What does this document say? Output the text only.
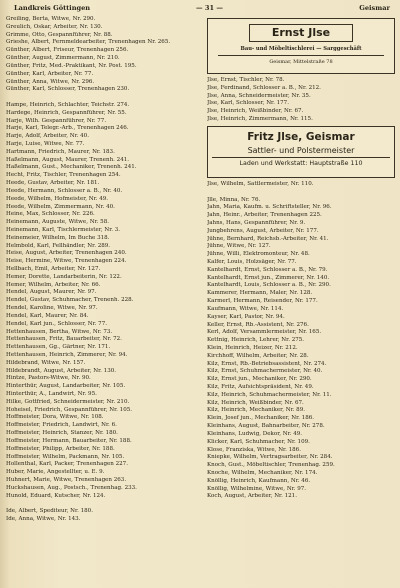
Landkreis Göttingen	— 31 —	Geismar
Greiling, Berta, Witwe, Nr. 290.
Greulich, Oskar, Arbeiter, Nr. 130.
Grimme, Otto, Gespannführer, Nr. 88.
Grieshe, Albert, Fernmeldearbeiter, Trenenhagen Nr. 265.
Günther, Albert, Friseur, Trenenhagen 256.
Günther, August, Zimmermann, Nr. 210.
Günther, Fritz, Med.-Praktikant, Nr. Post. 195.
Günther, Karl, Arbeiter, Nr. 77.
Günther, Anna, Witwe, Nr. 296.
Günther, Karl, Schlosser, Trenenhagen 230.

Hampe, Heinrich, Schlachter, Teichstr. 274.
Hardege, Heinrich, Gespannführer, Nr. 55.
Harje, Wilh. Gespannführer, Nr. 77.
Harje, Karl, Telegr.-Arb., Trenenhagen 246.
Harje, Adolf, Arbeiter, Nr. 40.
Harje, Luise, Witwe, Nr. 77.
Hartmann, Friedrich, Maurer, Nr. 183.
Haßelmann, August, Maurer, Trenenh. 241.
Haßelmann, Gust., Mechaniker, Trenenh. 241.
Hecht, Fritz, Tischler, Trenenhagen 254.
Heede, Gustav, Arbeiter, Nr. 181.
Heede, Hermann, Schlosser a. B., Nr. 40.
Heede, Wilhelm, Hofmeister, Nr. 49.
Heede, Wilhelm, Zimmermann, Nr. 40.
Heine, Max, Schlosser, Nr. 226.
Heinemann, Auguste, Witwe, Nr. 58.
Heinemann, Karl, Tischlermeister, Nr. 3.
Heinemeier, Wilhelm, Im Buche 318.
Helmbold, Karl, Fellhändler, Nr. 289.
Heise, August, Arbeiter, Trenenhagen 240.
Heise, Hermine, Witwe, Trenenhagen 224.
Hellbach, Emil, Arbeiter, Nr. 127.
Hemer, Dorette, Landarbeiterin, Nr. 122.
Hemer, Wilhelm, Arbeiter, Nr. 66.
Hendel, August, Maurer, Nr. 97.
Hendel, Gustav, Schuhmacher, Trenenh. 228.
Hendel, Karoline, Witwe, Nr. 97.
Hendel, Karl, Maurer, Nr. 84.
Hendel, Karl jun., Schlosser, Nr. 77.
Hettenhausen, Bertha, Witwe, Nr. 73.
Hettenhausen, Fritz, Bauarbeiter, Nr. 72.
Hettenhausen, Gg., Gärtner, Nr. 171.
Hettenhausen, Heinrich, Zimmerer, Nr. 94.
Hildebrand, Witwe, Nr. 157.
Hildebrandt, August, Arbeiter, Nr. 130.
Hintze, Pastors-Witwe, Nr. 90.
Hinterthür, August, Landarbeiter, Nr. 105.
Hinterthür, A., Landwirt, Nr. 95.
Hilke, Gottfried, Schneidermeister, Nr. 210.
Hoheisel, Friedrich, Gespannführer, Nr. 105.
Hoffmeister, Dora, Witwe, Nr. 108.
Hoffmeister, Friedrich, Landwirt, Nr. 6.
Hoffmeister, Heinrich, Stanzer, Nr. 180.
Hoffmeister, Hermann, Bauarbeiter, Nr. 188.
Hoffmeister, Philipp, Arbeiter, Nr. 188.
Hoffmeister, Wilhelm, Packmann, Nr. 105.
Hollenthal, Karl, Packer, Trenenhagen 227.
Huber, Marie, Angestellter, u. E. 9.
Huhnert, Marie, Witwe, Trenenhagen 263.
Huckshausen, Aug., Postsch., Trenenhag. 233.
Hunold, Eduard, Kutscher, Nr. 124.

Ide, Albert, Spediteur, Nr. 180.
Ide, Anna, Witwe, Nr. 143.
Ernst Jlse
Bau- und Möbeltischlerei — Sarggeschäft
Geismar, Mittelstraße 78
Jlse, Ernst, Tischler, Nr. 78.
Jlse, Ferdinand, Schlosser a. B., Nr. 212.
Jlse, Anna, Schneidermeister, Nr. 35.
Jlse, Karl, Schlosser, Nr. 177.
Jlse, Heinrich, Weißbinder, Nr. 67.
Jlse, Heinrich, Zimmermann, Nr. 115.
Fritz Jlse, Geismar
Sattler- und Polstermeister
Laden und Werkstatt: Hauptstraße 110
Jlse, Wilhelm, Sattlermeister, Nr. 110.

Jlle, Minna, Nr. 76.
Jahn, Maria, Kaufm. u. Schriftsteller, Nr. 96.
Jahn, Heinr., Arbeiter, Trenenhagen 225.
Jahns, Hans, Gespannführer, Nr. 9.
Jungbehrens, August, Arbeiter, Nr. 177.
Jühne, Bernhard, Reichsb.-Arbeiter, Nr. 41.
Jühne, Witwe, Nr. 127.
Jühne, Willi, Elektromonteur, Nr. 48.
Kalfer, Louis, Holzsäger, Nr. 77.
Kantelhardt, Ernst, Schlosser a. B., Nr. 79.
Kantelhardt, Ernst jun., Zimmerer, Nr. 140.
Kantelhardt, Louis, Schlosser a. B., Nr. 290.
Kammerer, Hermann, Maler, Nr. 128.
Karmerl, Hermann, Reisender, Nr. 177.
Kaufmann, Witwe, Nr. 114.
Kayser, Karl, Pastor, Nr. 94.
Keller, Ernst, Rb.-Assistent, Nr. 276.
Kerl, Adolf, Versammlermeister, Nr. 165.
Kettnig, Heinrich, Lehrer, Nr. 275.
Klein, Heinrich, Heizer, Nr. 212.
Kirchhoff, Wilhelm, Arbeiter, Nr. 28.
Kilz, Ernst, Rb.-Betriebsassistent, Nr. 274.
Kilz, Ernst, Schuhmachermeister, Nr. 40.
Kilz, Ernst jun., Mechaniker, Nr. 290.
Kilz, Fritz, Aufsichtspräsident, Nr. 49.
Kilz, Heinrich, Schuhmachermeister, Nr. 11.
Kilz, Heinrich, Weißbinder, Nr. 67.
Kilz, Heinrich, Mechaniker, Nr. 89.
Klein, Josef jun., Mechaniker, Nr. 186.
Kleinhans, August, Bahnarbeiter, Nr. 278.
Kleinhans, Ludwig, Dekor, Nr. 49.
Klicker, Karl, Schuhmacher, Nr. 109.
Klose, Franziska, Witwe, Nr. 186.
Kniepke, Wilhelm, Vertragsarbeiter, Nr. 284.
Knoch, Gust., Möbeltischler, Trenenhag. 259.
Knoche, Wilhelm, Mechaniker, Nr. 174.
Knöllig, Heinrich, Kaufmann, Nr. 46.
Knöllig, Wilhelmine, Witwe, Nr. 97.
Koch, August, Arbeiter, Nr. 121.
